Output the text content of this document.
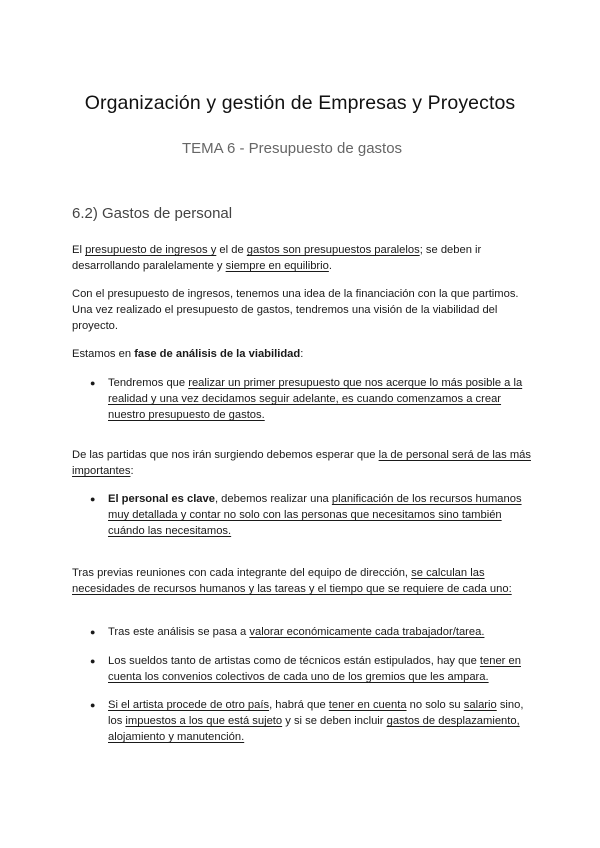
Organización y gestión de Empresas y Proyectos
TEMA 6 - Presupuesto de gastos
6.2) Gastos de personal
El presupuesto de ingresos y el de gastos son presupuestos paralelos; se deben ir desarrollando paralelamente y siempre en equilibrio.
Con el presupuesto de ingresos, tenemos una idea de la financiación con la que partimos. Una vez realizado el presupuesto de gastos, tendremos una visión de la viabilidad del proyecto.
Estamos en fase de análisis de la viabilidad:
● Tendremos que realizar un primer presupuesto que nos acerque lo más posible a la realidad y una vez decidamos seguir adelante, es cuando comenzamos a crear nuestro presupuesto de gastos.
De las partidas que nos irán surgiendo debemos esperar que la de personal será de las más importantes:
● El personal es clave, debemos realizar una planificación de los recursos humanos muy detallada y contar no solo con las personas que necesitamos sino también cuándo las necesitamos.
Tras previas reuniones con cada integrante del equipo de dirección, se calculan las necesidades de recursos humanos y las tareas y el tiempo que se requiere de cada uno:
● Tras este análisis se pasa a valorar económicamente cada trabajador/tarea.
● Los sueldos tanto de artistas como de técnicos están estipulados, hay que tener en cuenta los convenios colectivos de cada uno de los gremios que les ampara.
● Si el artista procede de otro país, habrá que tener en cuenta no solo su salario sino, los impuestos a los que está sujeto y si se deben incluir gastos de desplazamiento, alojamiento y manutención.
